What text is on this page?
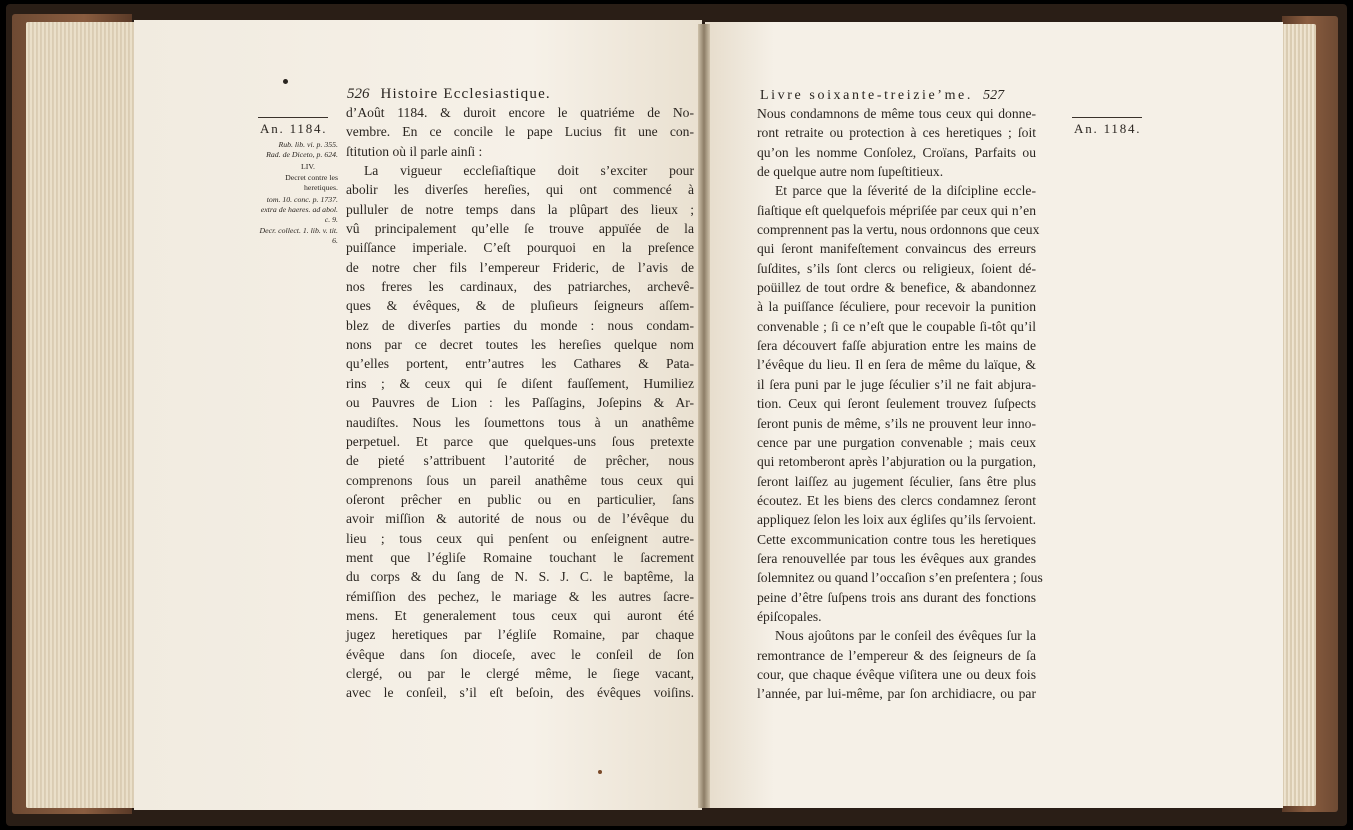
526 Histoire Ecclesiastique.
An. 1184.
Rub. lib. vi. p. 355.
Rad. de Diceto, p. 624.
LIV.
Decret contre les heretiques.
tom. 10. conc. p. 1737. extra de haeres. ad abol. c. 9.
Decr. collect. 1. lib. v. tit. 6.
d’Août 1184. & duroit encore le quatriéme de No-
vembre. En ce concile le pape Lucius fit une con-
ſtitution où il parle ainſi :
La vigueur eccleſiaſtique doit s’exciter pour
abolir les diverſes hereſies, qui ont commencé à
pulluler de notre temps dans la plûpart des lieux ;
vû principalement qu’elle ſe trouve appuïée de la
puiſſance imperiale. C’eſt pourquoi en la preſence
de notre cher fils l’empereur Frideric, de l’avis de
nos freres les cardinaux, des patriarches, archevê-
ques & évêques, & de pluſieurs ſeigneurs aſſem-
blez de diverſes parties du monde : nous condam-
nons par ce decret toutes les hereſies quelque nom
qu’elles portent, entr’autres les Cathares & Pata-
rins ; & ceux qui ſe diſent fauſſement, Humiliez
ou Pauvres de Lion : les Paſſagins, Joſepins & Ar-
naudiſtes. Nous les ſoumettons tous à un anathême
perpetuel. Et parce que quelques-uns ſous pretexte
de pieté s’attribuent l’autorité de prêcher, nous
comprenons ſous un pareil anathême tous ceux qui
oſeront prêcher en public ou en particulier, ſans
avoir miſſion & autorité de nous ou de l’évêque du
lieu ; tous ceux qui penſent ou enſeignent autre-
ment que l’égliſe Romaine touchant le ſacrement
du corps & du ſang de N. S. J. C. le baptême, la
rémiſſion des pechez, le mariage & les autres ſacre-
mens. Et generalement tous ceux qui auront été
jugez heretiques par l’égliſe Romaine, par chaque
évêque dans ſon dioceſe, avec le conſeil de ſon
clergé, ou par le clergé même, le ſiege vacant,
avec le conſeil, s’il eſt beſoin, des évêques voiſins.
Livre soixante-treizie’me. 527
An. 1184.
Nous condamnons de même tous ceux qui donne-
ront retraite ou protection à ces heretiques ; ſoit
qu’on les nomme Conſolez, Croïans, Parfaits ou
de quelque autre nom ſupeſtitieux.
Et parce que la ſéverité de la diſcipline eccle-
ſiaſtique eſt quelquefois mépriſée par ceux qui n’en
comprennent pas la vertu, nous ordonnons que ceux
qui ſeront manifeſtement convaincus des erreurs
ſuſdites, s’ils ſont clercs ou religieux, ſoient dé-
poüillez de tout ordre & benefice, & abandonnez
à la puiſſance ſéculiere, pour recevoir la punition
convenable ; ſi ce n’eſt que le coupable ſi-tôt qu’il
ſera découvert faſſe abjuration entre les mains de
l’évêque du lieu. Il en ſera de même du laïque, &
il ſera puni par le juge ſéculier s’il ne fait abjura-
tion. Ceux qui ſeront ſeulement trouvez ſuſpects
ſeront punis de même, s’ils ne prouvent leur inno-
cence par une purgation convenable ; mais ceux
qui retomberont après l’abjuration ou la purgation,
ſeront laiſſez au jugement ſéculier, ſans être plus
écoutez. Et les biens des clercs condamnez ſeront
appliquez ſelon les loix aux égliſes qu’ils ſervoient.
Cette excommunication contre tous les heretiques
ſera renouvellée par tous les évêques aux grandes
ſolemnitez ou quand l’occaſion s’en preſentera ; ſous
peine d’être ſuſpens trois ans durant des fonctions
épiſcopales.
Nous ajoûtons par le conſeil des évêques ſur la
remontrance de l’empereur & des ſeigneurs de ſa
cour, que chaque évêque viſitera une ou deux fois
l’année, par lui-même, par ſon archidiacre, ou par
